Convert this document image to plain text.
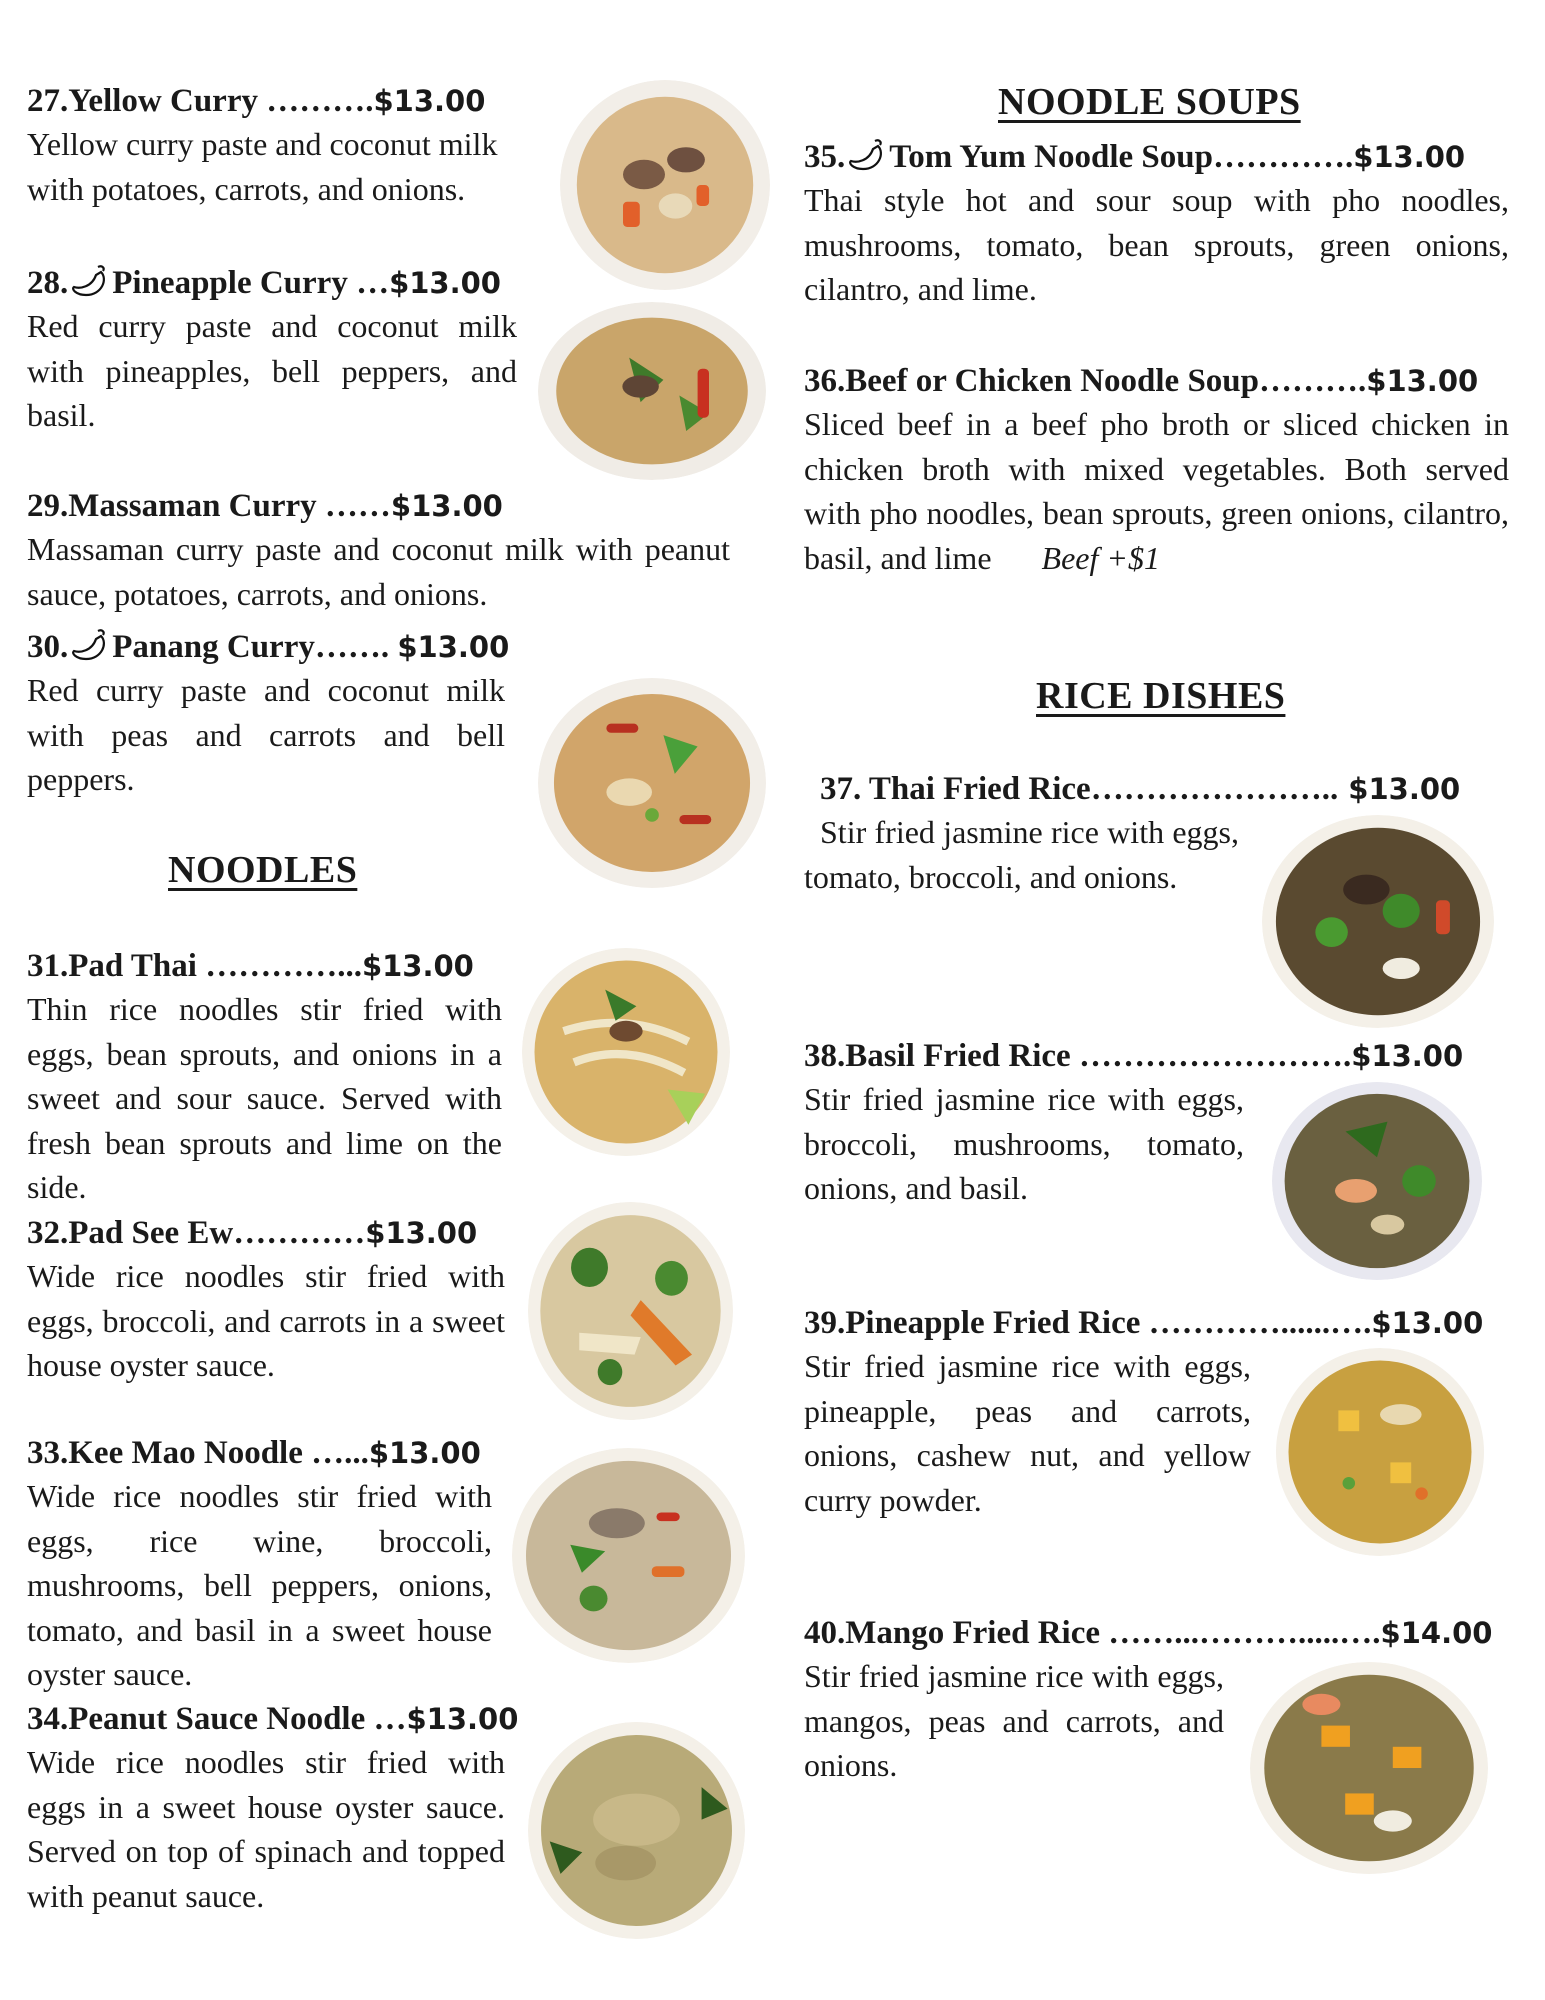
27.Yellow Curry ……….$13.00
Yellow curry paste and coconut milk with potatoes, carrots, and onions.
28. Pineapple Curry …$13.00
Red curry paste and coconut milk with pineapples, bell peppers, and basil.
29.Massaman Curry ……$13.00
Massaman curry paste and coconut milk with peanut sauce, potatoes, carrots, and onions.
30. Panang Curry……. $13.00
Red curry paste and coconut milk with peas and carrots and bell peppers.
NOODLES
31.Pad Thai …………...$13.00
Thin rice noodles stir fried with eggs, bean sprouts, and onions in a sweet and sour sauce. Served with fresh bean sprouts and lime on the side.
32.Pad See Ew…………$13.00
Wide rice noodles stir fried with eggs, broccoli, and carrots in a sweet house oyster sauce.
33.Kee Mao Noodle …...$13.00
Wide rice noodles stir fried with eggs, rice wine, broccoli, mushrooms, bell peppers, onions, tomato, and basil in a sweet house oyster sauce.
34.Peanut Sauce Noodle …$13.00
Wide rice noodles stir fried with eggs in a sweet house oyster sauce. Served on top of spinach and topped with peanut sauce.
NOODLE SOUPS
35. Tom Yum Noodle Soup………….$13.00
Thai style hot and sour soup with pho noodles, mushrooms, tomato, bean sprouts, green onions, cilantro, and lime.
36.Beef or Chicken Noodle Soup……….$13.00
Sliced beef in a beef pho broth or sliced chicken in chicken broth with mixed vegetables. Both served with pho noodles, bean sprouts, green onions, cilantro, basil, and lime Beef +$1
RICE DISHES
37. Thai Fried Rice………………….. $13.00
Stir fried jasmine rice with eggs, tomato, broccoli, and onions.
38.Basil Fried Rice …………………….$13.00
Stir fried jasmine rice with eggs, broccoli, mushrooms, tomato, onions, and basil.
39.Pineapple Fried Rice …………......….$13.00
Stir fried jasmine rice with eggs, pineapple, peas and carrots, onions, cashew nut, and yellow curry powder.
40.Mango Fried Rice ……...……….....….$14.00
Stir fried jasmine rice with eggs, mangos, peas and carrots, and onions.
